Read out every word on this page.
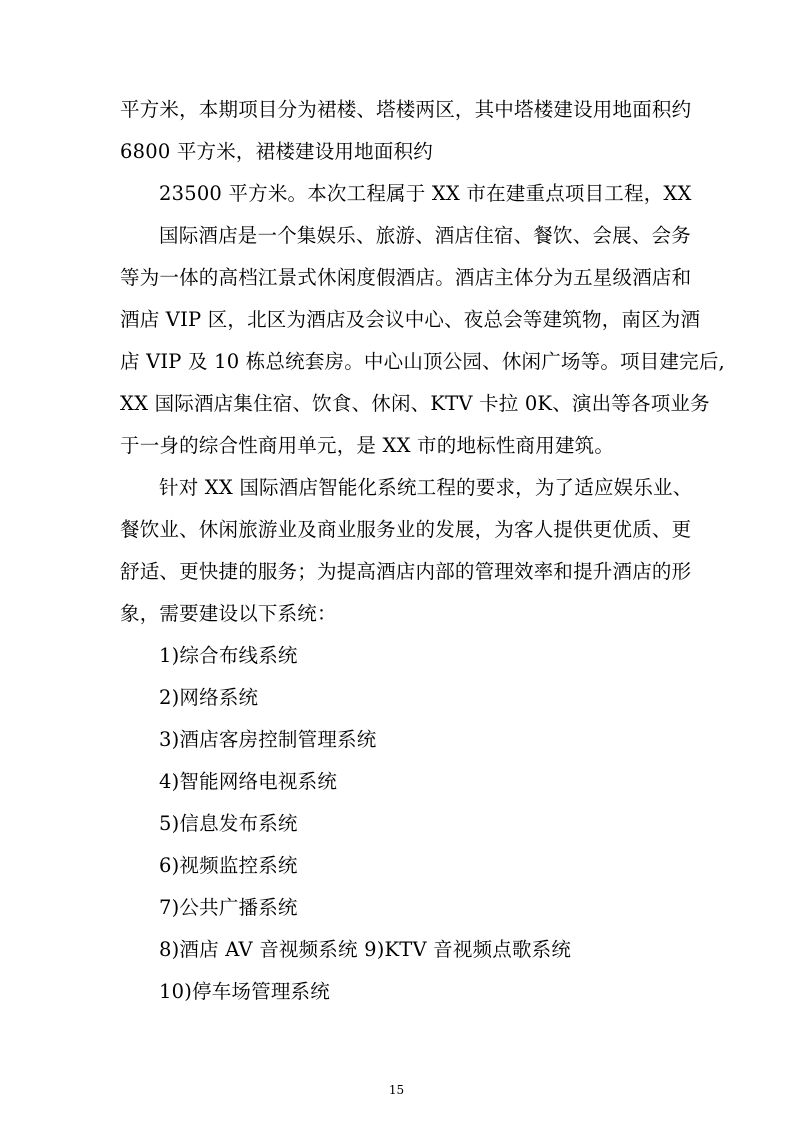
平方米，本期项目分为裙楼、塔楼两区，其中塔楼建设用地面积约
6800 平方米，裙楼建设用地面积约
23500 平方米。本次工程属于 XX 市在建重点项目工程，XX
国际酒店是一个集娱乐、旅游、酒店住宿、餐饮、会展、会务
等为一体的高档江景式休闲度假酒店。酒店主体分为五星级酒店和
酒店 VIP 区，北区为酒店及会议中心、夜总会等建筑物，南区为酒
店 VIP 及 10 栋总统套房。中心山顶公园、休闲广场等。项目建完后,
XX 国际酒店集住宿、饮食、休闲、KTV 卡拉 0K、演出等各项业务
于一身的综合性商用单元，是 XX 市的地标性商用建筑。
针对 XX 国际酒店智能化系统工程的要求，为了适应娱乐业、
餐饮业、休闲旅游业及商业服务业的发展，为客人提供更优质、更
舒适、更快捷的服务；为提高酒店内部的管理效率和提升酒店的形
象，需要建设以下系统：
1)综合布线系统
2)网络系统
3)酒店客房控制管理系统
4)智能网络电视系统
5)信息发布系统
6)视频监控系统
7)公共广播系统
8)酒店 AV 音视频系统 9)KTV 音视频点歌系统
10)停车场管理系统
15
